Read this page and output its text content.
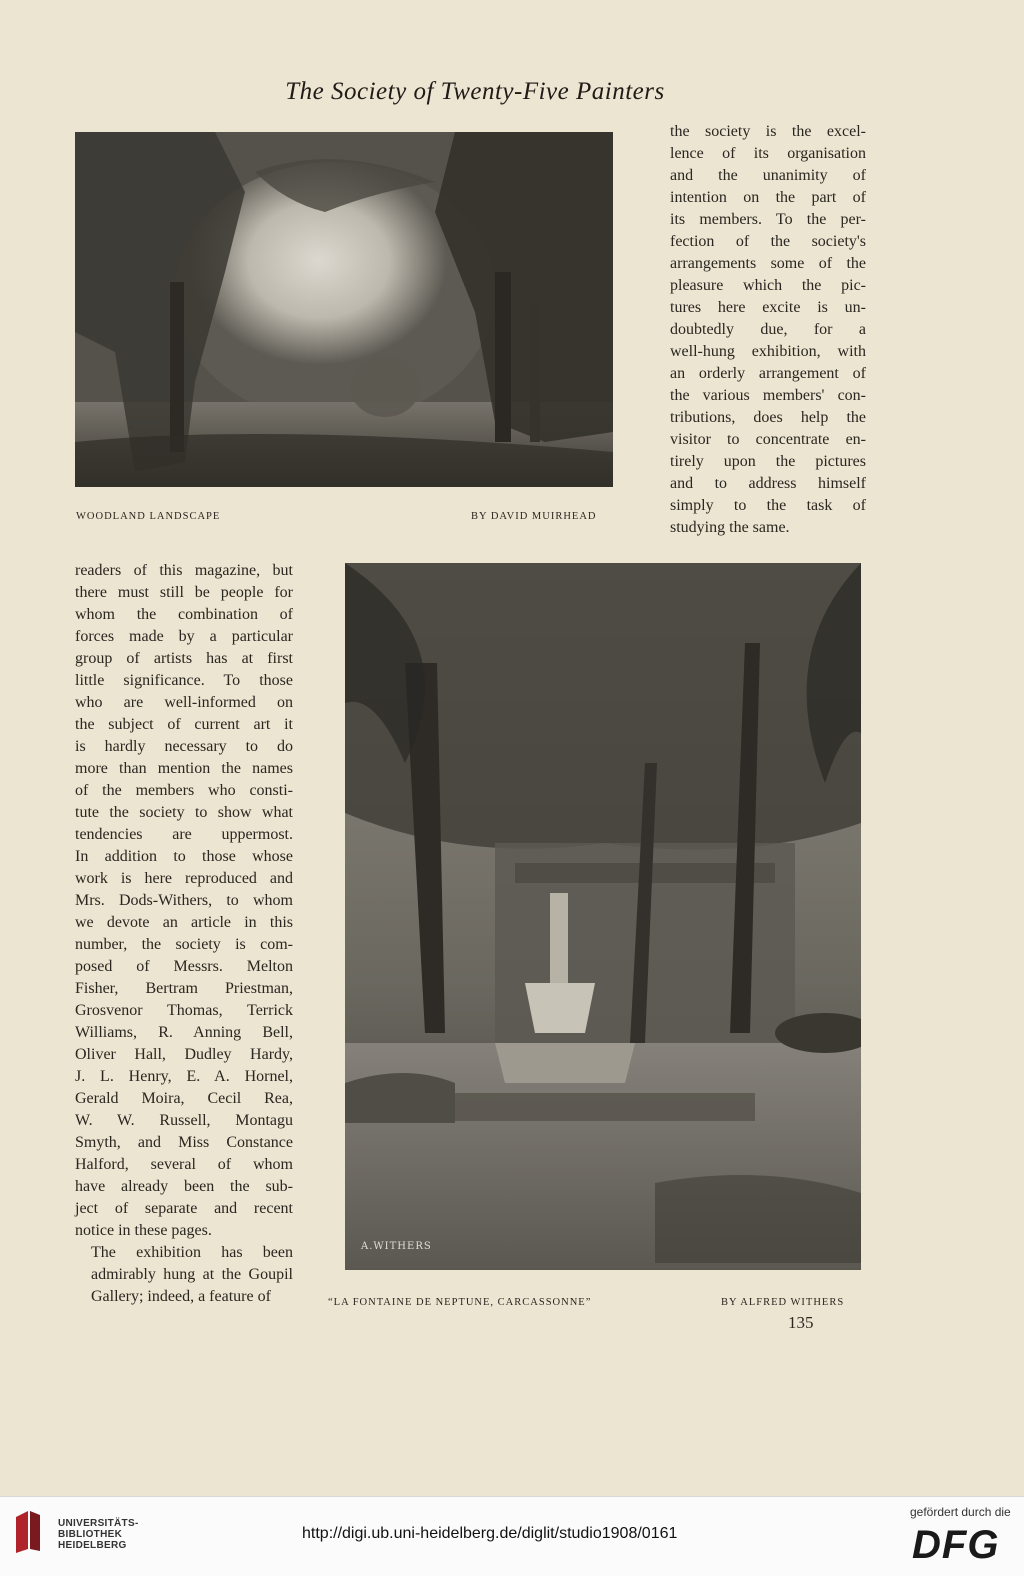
The Society of Twenty-Five Painters
the society is the excel-
lence of its organisation
and the unanimity of
intention on the part of
its members. To the per-
fection of the society's
arrangements some of the
pleasure which the pic-
tures here excite is un-
doubtedly due, for a
well-hung exhibition, with
an orderly arrangement of
the various members' con-
tributions, does help the
visitor to concentrate en-
tirely upon the pictures
and to address himself
simply to the task of
studying the same.
WOODLAND LANDSCAPE	BY DAVID MUIRHEAD

readers of this magazine, but
there must still be people for
whom the combination of
forces made by a particular
group of artists has at first
little significance. To those
who are well-informed on
the subject of current art it
is hardly necessary to do
more than mention the names
of the members who consti-
tute the society to show what
tendencies are uppermost.
In addition to those whose
work is here reproduced and
Mrs. Dods-Withers, to whom
we devote an article in this
number, the society is com-
posed of Messrs. Melton
Fisher, Bertram Priestman,
Grosvenor Thomas, Terrick
Williams, R. Anning Bell,
Oliver Hall, Dudley Hardy,
J. L. Henry, E. A. Hornel,
Gerald Moira, Cecil Rea,
W. W. Russell, Montagu
Smyth, and Miss Constance
Halford, several of whom
have already been the sub-
ject of separate and recent
notice in these pages.

The exhibition has been
admirably hung at the Goupil
Gallery; indeed, a feature of

A.WITHERS
“LA FONTAINE DE NEPTUNE, CARCASSONNE”	BY ALFRED WITHERS
135
UNIVERSITÄTS-
BIBLIOTHEK
HEIDELBERG
http://digi.ub.uni-heidelberg.de/diglit/studio1908/0161
gefördert durch die
DFG
